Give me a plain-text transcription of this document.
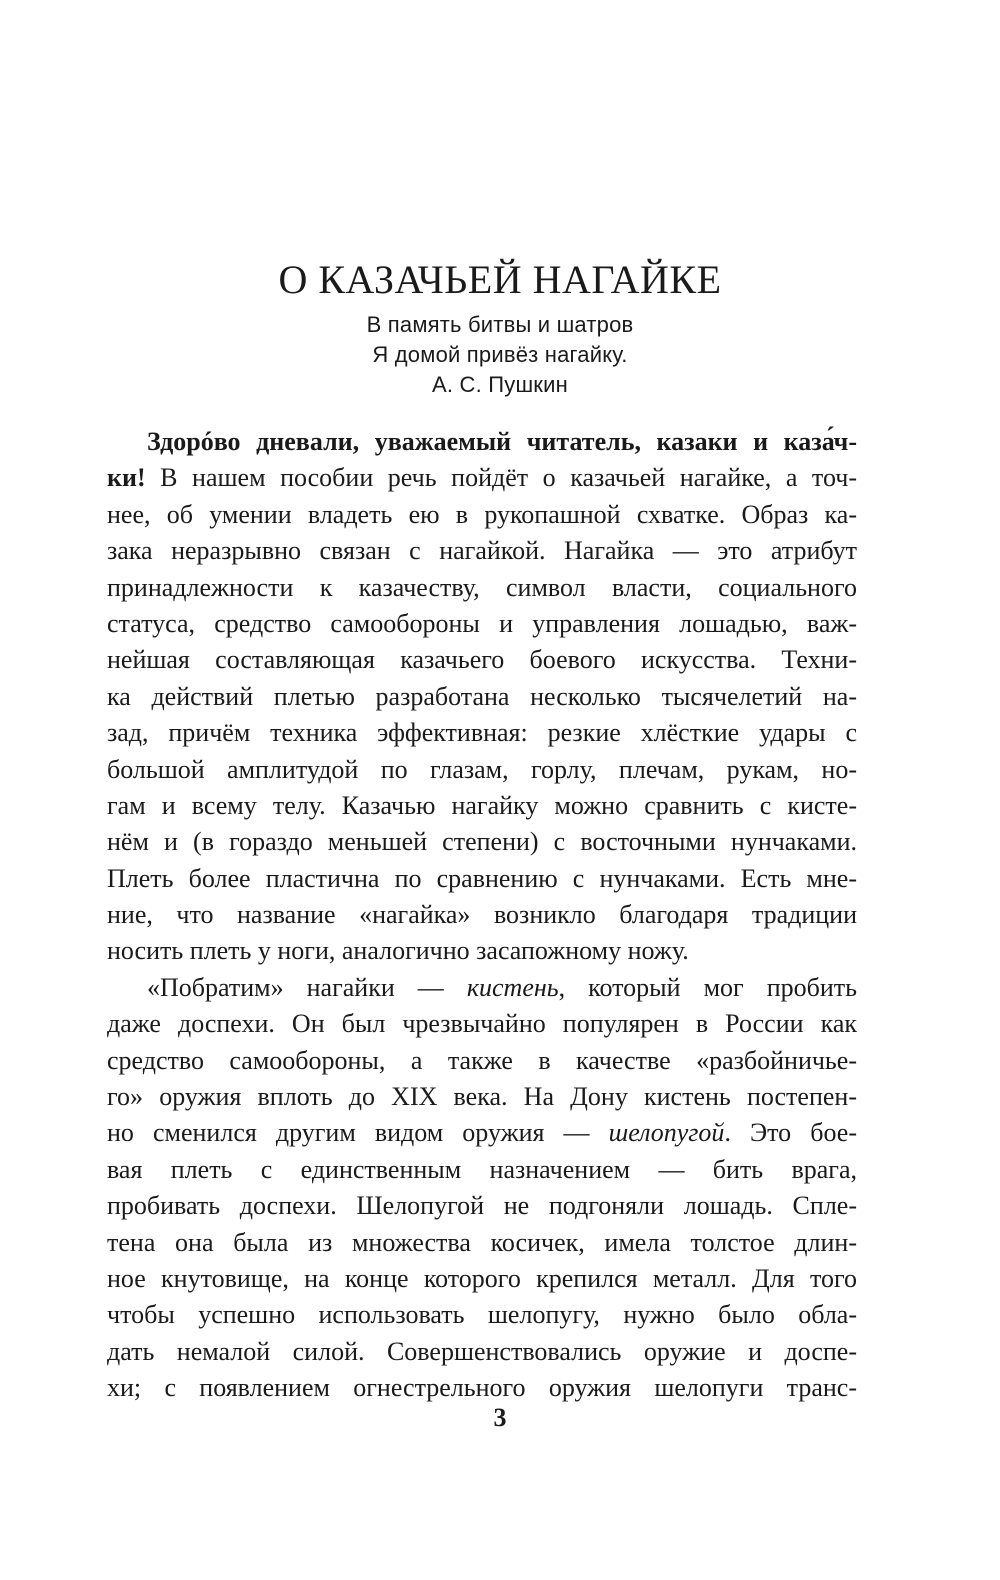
О КАЗАЧЬЕЙ НАГАЙКЕ
В память битвы и шатров
Я домой привёз нагайку.
А. С. Пушкин
Здорóво дневали, уважаемый читатель, казаки и каза́ч-
ки! В нашем пособии речь пойдёт о казачьей нагайке, а точ-
нее, об умении владеть ею в рукопашной схватке. Образ ка-
зака неразрывно связан с нагайкой. Нагайка — это атрибут
принадлежности к казачеству, символ власти, социального
статуса, средство самообороны и управления лошадью, важ-
нейшая составляющая казачьего боевого искусства. Техни-
ка действий плетью разработана несколько тысячелетий на-
зад, причём техника эффективная: резкие хлёсткие удары с
большой амплитудой по глазам, горлу, плечам, рукам, но-
гам и всему телу. Казачью нагайку можно сравнить с кисте-
нём и (в гораздо меньшей степени) с восточными нунчаками.
Плеть более пластична по сравнению с нунчаками. Есть мне-
ние, что название «нагайка» возникло благодаря традиции
носить плеть у ноги, аналогично засапожному ножу.
«Побратим» нагайки — кистень, который мог пробить
даже доспехи. Он был чрезвычайно популярен в России как
средство самообороны, а также в качестве «разбойничье-
го» оружия вплоть до XIX века. На Дону кистень постепен-
но сменился другим видом оружия — шелопугой. Это бое-
вая плеть с единственным назначением — бить врага,
пробивать доспехи. Шелопугой не подгоняли лошадь. Спле-
тена она была из множества косичек, имела толстое длин-
ное кнутовище, на конце которого крепился металл. Для того
чтобы успешно использовать шелопугу, нужно было обла-
дать немалой силой. Совершенствовались оружие и доспе-
хи; с появлением огнестрельного оружия шелопуги транс-
3
